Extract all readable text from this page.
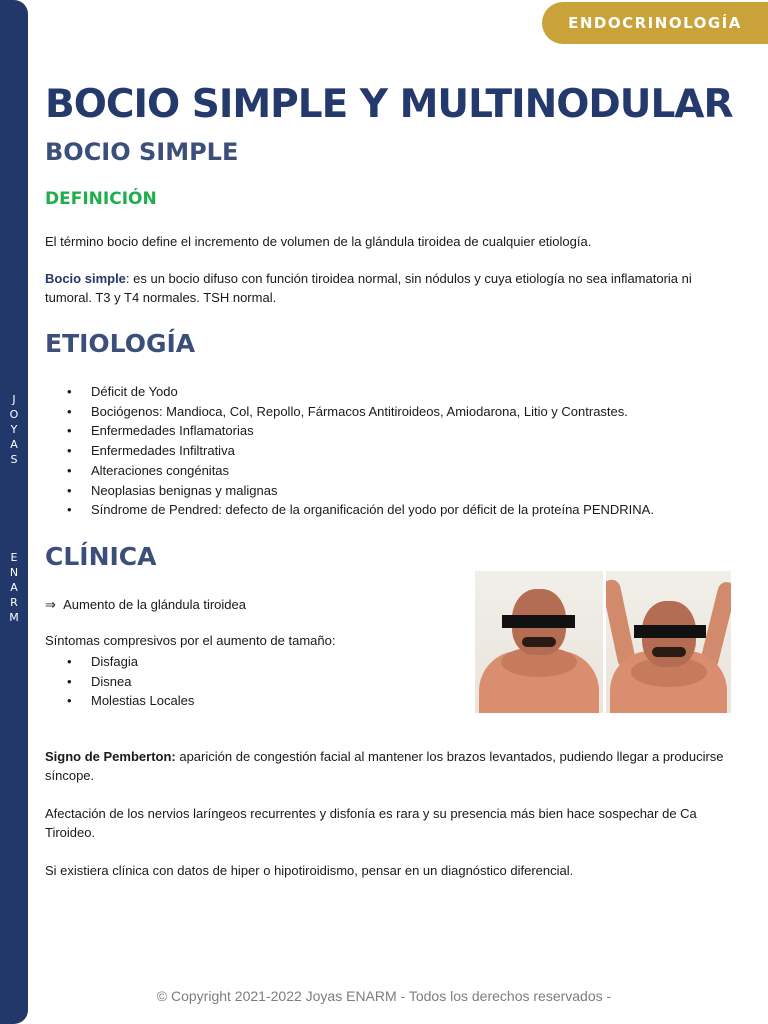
J
O
Y
A
S
E
N
A
R
M
ENDOCRINOLOGÍA
BOCIO SIMPLE Y MULTINODULAR
BOCIO SIMPLE
DEFINICIÓN

El término bocio define el incremento de volumen de la glándula tiroidea de cualquier etiología.

Bocio simple: es un bocio difuso con función tiroidea normal, sin nódulos y cuya etiología no sea inflamatoria ni tumoral. T3 y T4 normales. TSH normal.

ETIOLOGÍA
• Déficit de Yodo
• Bociógenos: Mandioca, Col, Repollo, Fármacos Antitiroideos, Amiodarona, Litio y Contrastes.
• Enfermedades Inflamatorias
• Enfermedades Infiltrativa
• Alteraciones congénitas
• Neoplasias benignas y malignas
• Síndrome de Pendred: defecto de la organificación del yodo por déficit de la proteína PENDRINA.
CLÍNICA
⇒ Aumento de la glándula tiroidea

Síntomas compresivos por el aumento de tamaño:

• Disfagia
• Disnea
• Molestias Locales

Signo de Pemberton: aparición de congestión facial al mantener los brazos levantados, pudiendo llegar a producirse síncope.

Afectación de los nervios laríngeos recurrentes y disfonía es rara y su presencia más bien hace sospechar de Ca Tiroideo.

Si existiera clínica con datos de hiper o hipotiroidismo, pensar en un diagnóstico diferencial.

© Copyright 2021-2022 Joyas ENARM - Todos los derechos reservados -
